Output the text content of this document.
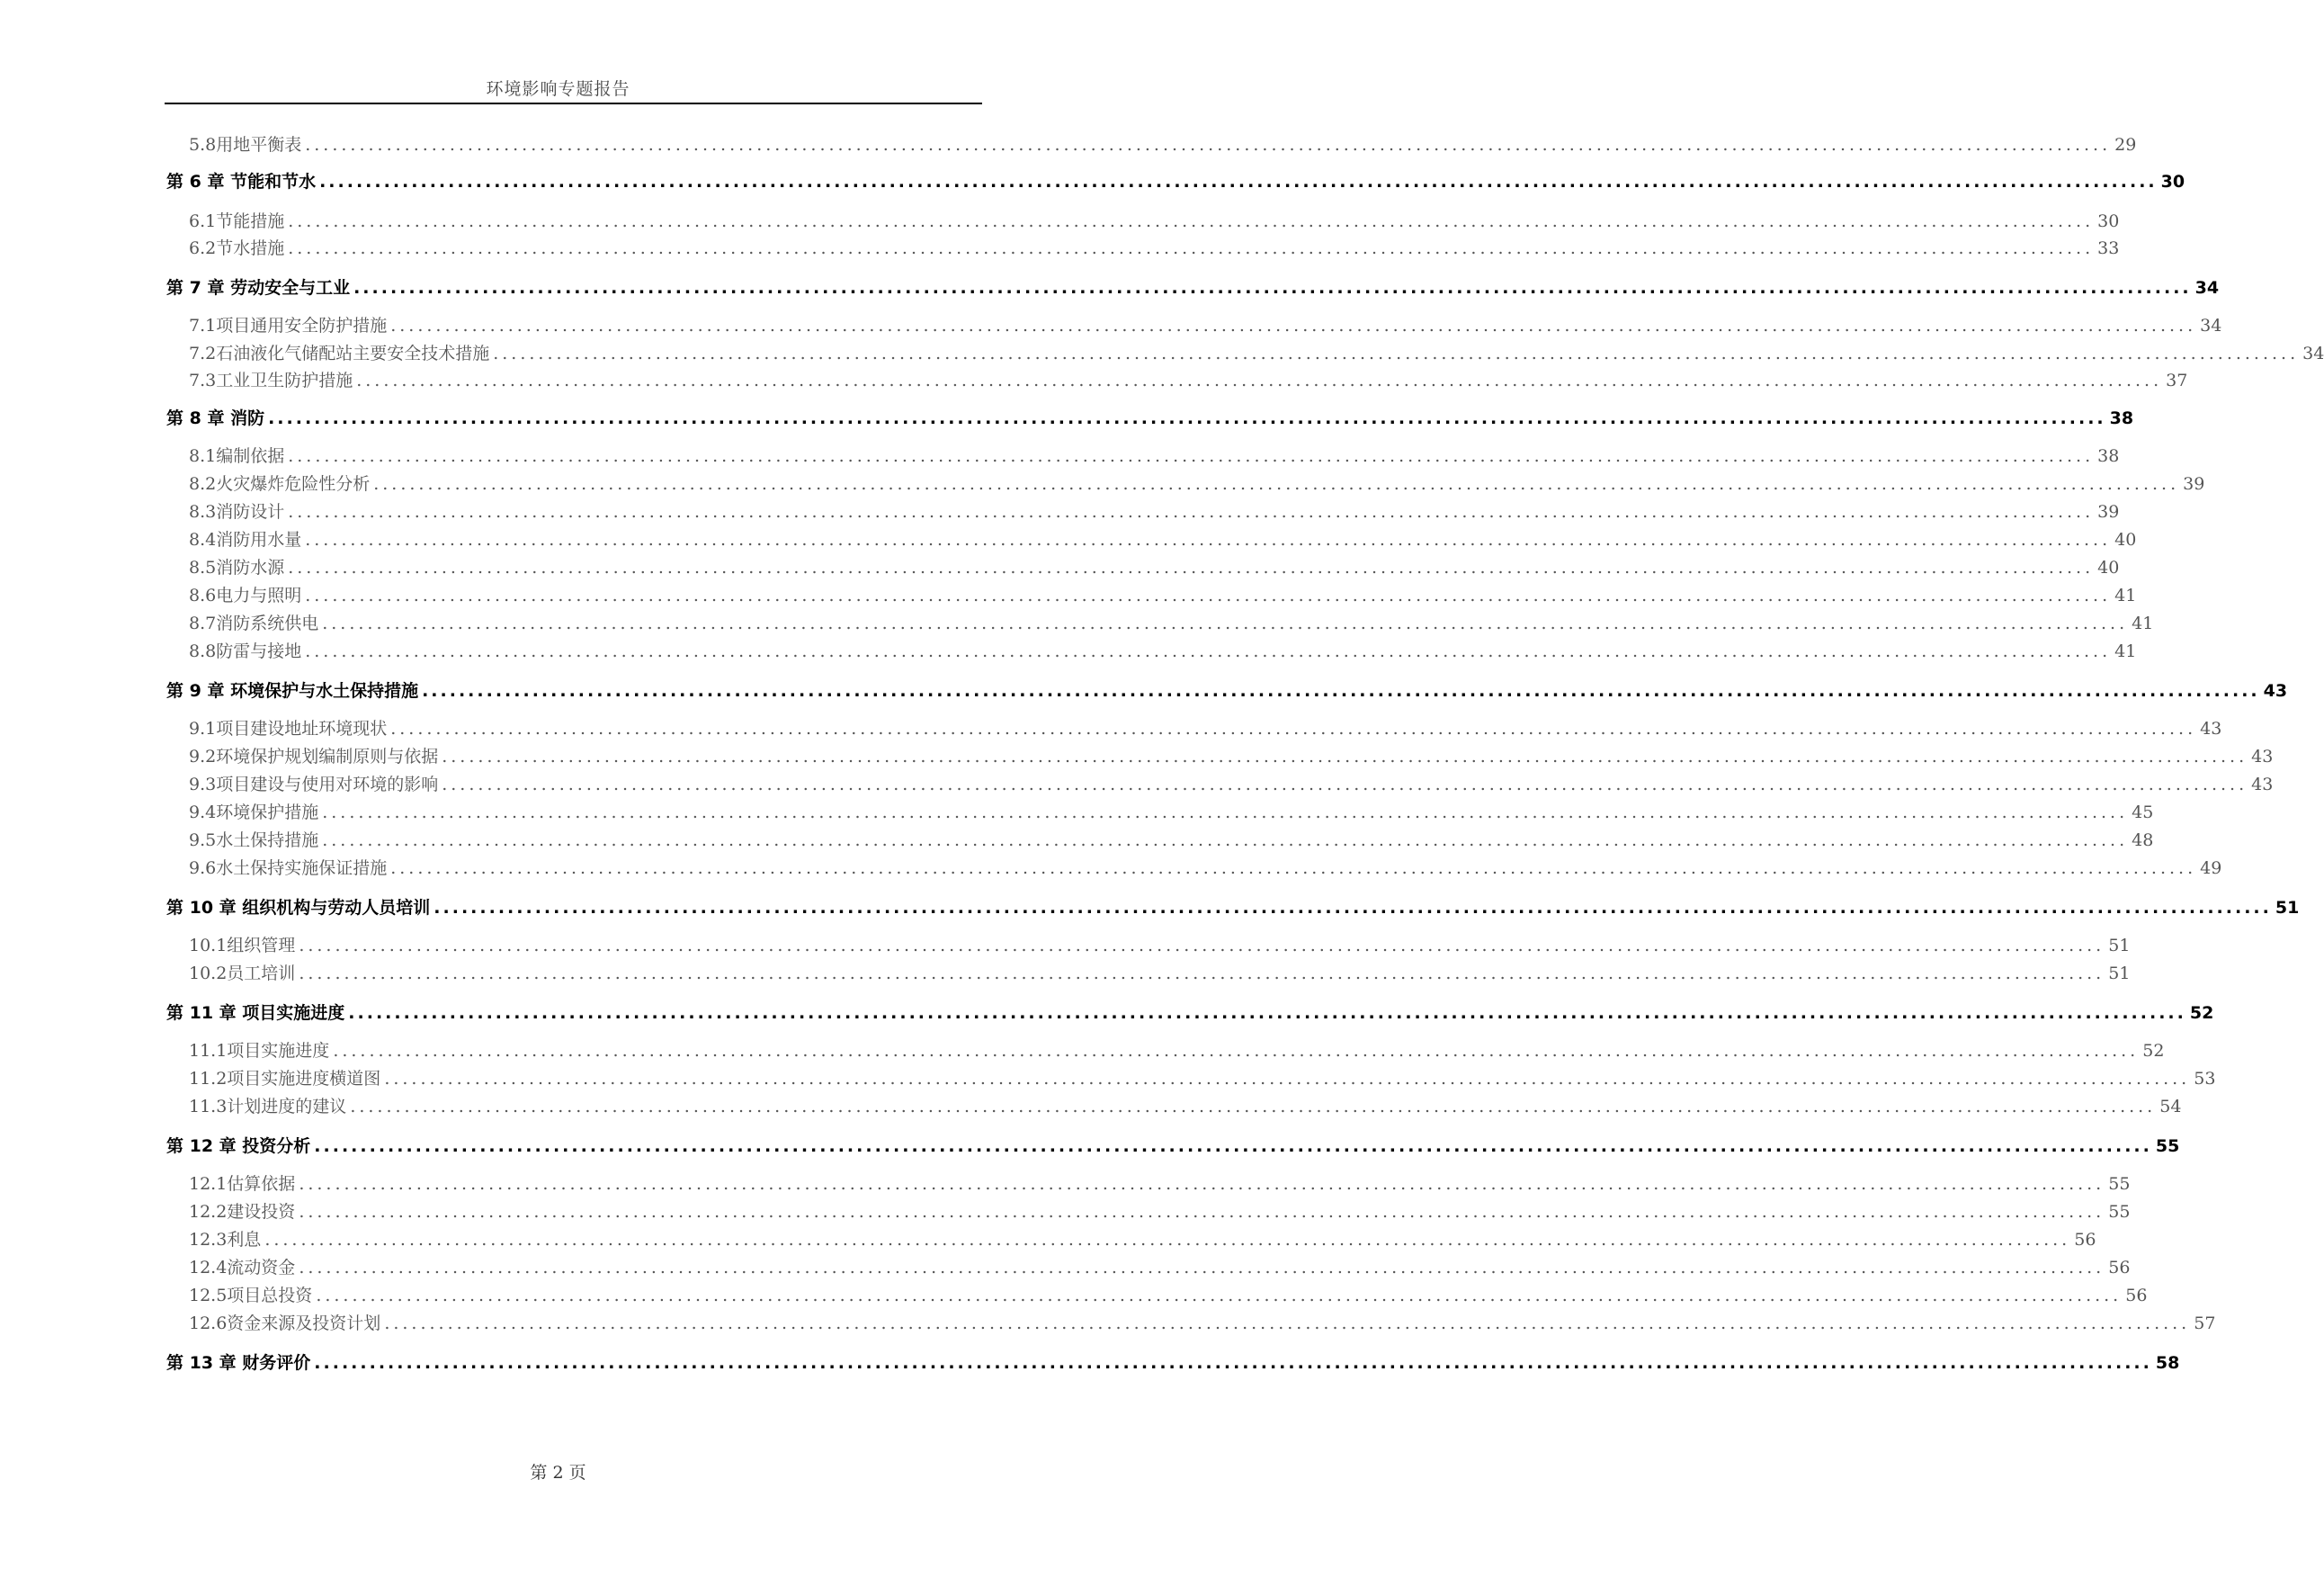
环境影响专题报告
5.8用地平衡表 ........................................................................................................................................................................................................ 29
第 6 章 节能和节水 ........................................................................................................................................................................................................ 30
6.1节能措施 ........................................................................................................................................................................................................ 30
6.2节水措施 ........................................................................................................................................................................................................ 33
第 7 章 劳动安全与工业 ........................................................................................................................................................................................................ 34
7.1项目通用安全防护措施 ........................................................................................................................................................................................................ 34
7.2石油液化气储配站主要安全技术措施 ........................................................................................................................................................................................................ 34
7.3工业卫生防护措施 ........................................................................................................................................................................................................ 37
第 8 章 消防 ........................................................................................................................................................................................................ 38
8.1编制依据 ........................................................................................................................................................................................................ 38
8.2火灾爆炸危险性分析 ........................................................................................................................................................................................................ 39
8.3消防设计 ........................................................................................................................................................................................................ 39
8.4消防用水量 ........................................................................................................................................................................................................ 40
8.5消防水源 ........................................................................................................................................................................................................ 40
8.6电力与照明 ........................................................................................................................................................................................................ 41
8.7消防系统供电 ........................................................................................................................................................................................................ 41
8.8防雷与接地 ........................................................................................................................................................................................................ 41
第 9 章 环境保护与水土保持措施 ........................................................................................................................................................................................................ 43
9.1项目建设地址环境现状 ........................................................................................................................................................................................................ 43
9.2环境保护规划编制原则与依据 ........................................................................................................................................................................................................ 43
9.3项目建设与使用对环境的影响 ........................................................................................................................................................................................................ 43
9.4环境保护措施 ........................................................................................................................................................................................................ 45
9.5水土保持措施 ........................................................................................................................................................................................................ 48
9.6水土保持实施保证措施 ........................................................................................................................................................................................................ 49
第 10 章 组织机构与劳动人员培训 ........................................................................................................................................................................................................ 51
10.1组织管理 ........................................................................................................................................................................................................ 51
10.2员工培训 ........................................................................................................................................................................................................ 51
第 11 章 项目实施进度 ........................................................................................................................................................................................................ 52
11.1项目实施进度 ........................................................................................................................................................................................................ 52
11.2项目实施进度横道图 ........................................................................................................................................................................................................ 53
11.3计划进度的建议 ........................................................................................................................................................................................................ 54
第 12 章 投资分析 ........................................................................................................................................................................................................ 55
12.1估算依据 ........................................................................................................................................................................................................ 55
12.2建设投资 ........................................................................................................................................................................................................ 55
12.3利息 ........................................................................................................................................................................................................ 56
12.4流动资金 ........................................................................................................................................................................................................ 56
12.5项目总投资 ........................................................................................................................................................................................................ 56
12.6资金来源及投资计划 ........................................................................................................................................................................................................ 57
第 13 章 财务评价 ........................................................................................................................................................................................................ 58
第 2 页
